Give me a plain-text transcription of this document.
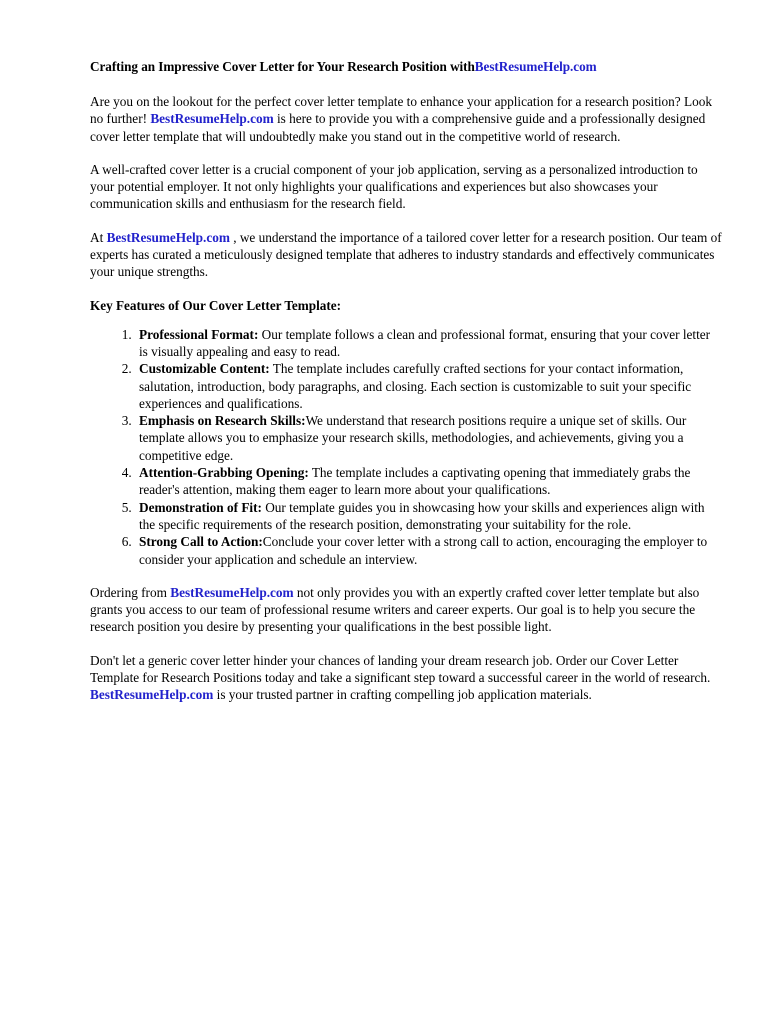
Crafting an Impressive Cover Letter for Your Research Position withBestResumeHelp.com

Are you on the lookout for the perfect cover letter template to enhance your application for a research position? Look no further! BestResumeHelp.com is here to provide you with a comprehensive guide and a professionally designed cover letter template that will undoubtedly make you stand out in the competitive world of research.

A well-crafted cover letter is a crucial component of your job application, serving as a personalized introduction to your potential employer. It not only highlights your qualifications and experiences but also showcases your communication skills and enthusiasm for the research field.

At BestResumeHelp.com , we understand the importance of a tailored cover letter for a research position. Our team of experts has curated a meticulously designed template that adheres to industry standards and effectively communicates your unique strengths.

Key Features of Our Cover Letter Template:
1. Professional Format: Our template follows a clean and professional format, ensuring that your cover letter is visually appealing and easy to read.
2. Customizable Content: The template includes carefully crafted sections for your contact information, salutation, introduction, body paragraphs, and closing. Each section is customizable to suit your specific experiences and qualifications.
3. Emphasis on Research Skills:We understand that research positions require a unique set of skills. Our template allows you to emphasize your research skills, methodologies, and achievements, giving you a competitive edge.
4. Attention-Grabbing Opening: The template includes a captivating opening that immediately grabs the reader's attention, making them eager to learn more about your qualifications.
5. Demonstration of Fit: Our template guides you in showcasing how your skills and experiences align with the specific requirements of the research position, demonstrating your suitability for the role.
6. Strong Call to Action:Conclude your cover letter with a strong call to action, encouraging the employer to consider your application and schedule an interview.

Ordering from BestResumeHelp.com not only provides you with an expertly crafted cover letter template but also grants you access to our team of professional resume writers and career experts. Our goal is to help you secure the research position you desire by presenting your qualifications in the best possible light.

Don't let a generic cover letter hinder your chances of landing your dream research job. Order our Cover Letter Template for Research Positions today and take a significant step toward a successful career in the world of research. BestResumeHelp.com is your trusted partner in crafting compelling job application materials.
